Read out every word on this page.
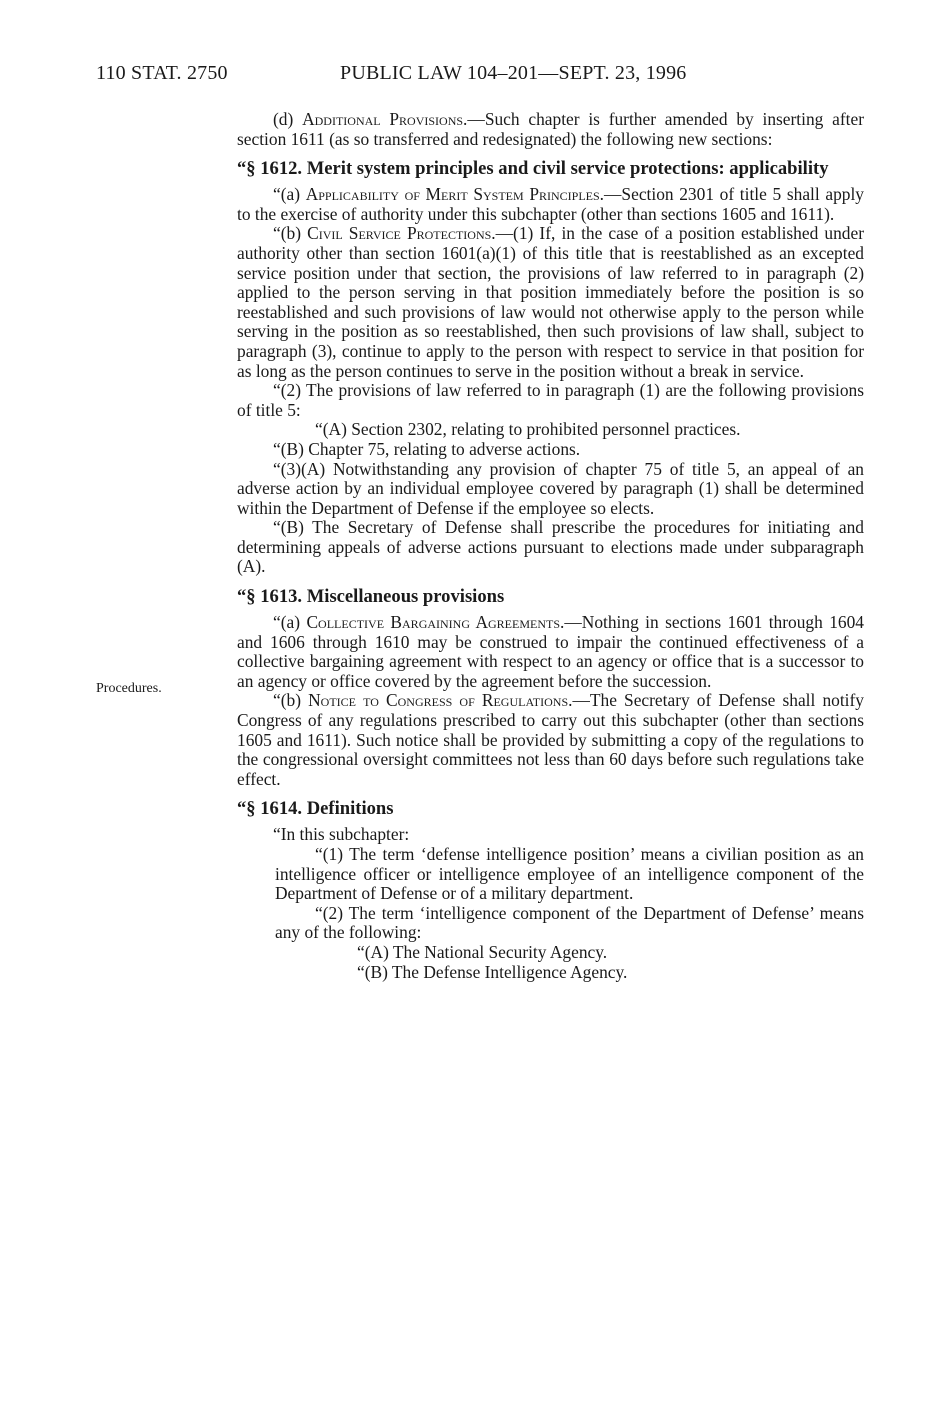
110 STAT. 2750	PUBLIC LAW 104–201—SEPT. 23, 1996
Procedures.

(d) Additional Provisions.—Such chapter is further amended by inserting after section 1611 (as so transferred and redesignated) the following new sections:

“§ 1612. Merit system principles and civil service protections: applicability

“(a) Applicability of Merit System Principles.—Section 2301 of title 5 shall apply to the exercise of authority under this subchapter (other than sections 1605 and 1611).

“(b) Civil Service Protections.—(1) If, in the case of a position established under authority other than section 1601(a)(1) of this title that is reestablished as an excepted service position under that section, the provisions of law referred to in paragraph (2) applied to the person serving in that position immediately before the position is so reestablished and such provisions of law would not otherwise apply to the person while serving in the position as so reestablished, then such provisions of law shall, subject to paragraph (3), continue to apply to the person with respect to service in that position for as long as the person continues to serve in the position without a break in service.

“(2) The provisions of law referred to in paragraph (1) are the following provisions of title 5:

“(A) Section 2302, relating to prohibited personnel practices.

“(B) Chapter 75, relating to adverse actions.

“(3)(A) Notwithstanding any provision of chapter 75 of title 5, an appeal of an adverse action by an individual employee covered by paragraph (1) shall be determined within the Department of Defense if the employee so elects.

“(B) The Secretary of Defense shall prescribe the procedures for initiating and determining appeals of adverse actions pursuant to elections made under subparagraph (A).

“§ 1613. Miscellaneous provisions

“(a) Collective Bargaining Agreements.—Nothing in sections 1601 through 1604 and 1606 through 1610 may be construed to impair the continued effectiveness of a collective bargaining agreement with respect to an agency or office that is a successor to an agency or office covered by the agreement before the succession.

“(b) Notice to Congress of Regulations.—The Secretary of Defense shall notify Congress of any regulations prescribed to carry out this subchapter (other than sections 1605 and 1611). Such notice shall be provided by submitting a copy of the regulations to the congressional oversight committees not less than 60 days before such regulations take effect.

“§ 1614. Definitions

“In this subchapter:

“(1) The term ‘defense intelligence position’ means a civilian position as an intelligence officer or intelligence employee of an intelligence component of the Department of Defense or of a military department.

“(2) The term ‘intelligence component of the Department of Defense’ means any of the following:

“(A) The National Security Agency.

“(B) The Defense Intelligence Agency.
